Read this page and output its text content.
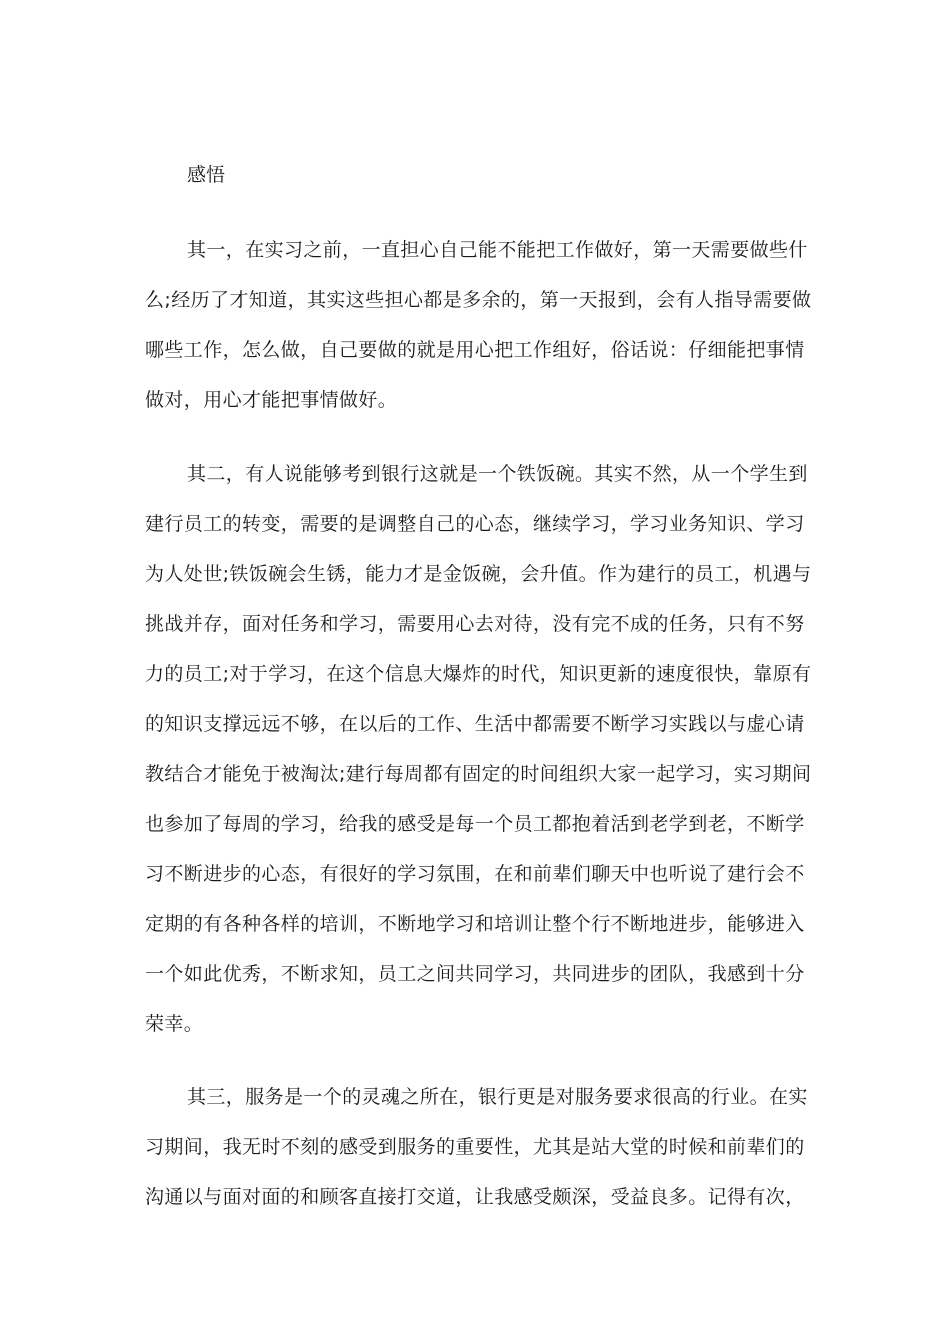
感悟
其一，在实习之前，一直担心自己能不能把工作做好，第一天需要做些什
么;经历了才知道，其实这些担心都是多余的，第一天报到，会有人指导需要做
哪些工作，怎么做，自己要做的就是用心把工作组好，俗话说：仔细能把事情
做对，用心才能把事情做好。
其二，有人说能够考到银行这就是一个铁饭碗。其实不然，从一个学生到
建行员工的转变，需要的是调整自己的心态，继续学习，学习业务知识、学习
为人处世;铁饭碗会生锈，能力才是金饭碗，会升值。作为建行的员工，机遇与
挑战并存，面对任务和学习，需要用心去对待，没有完不成的任务，只有不努
力的员工;对于学习，在这个信息大爆炸的时代，知识更新的速度很快，靠原有
的知识支撑远远不够，在以后的工作、生活中都需要不断学习实践以与虚心请
教结合才能免于被淘汰;建行每周都有固定的时间组织大家一起学习，实习期间
也参加了每周的学习，给我的感受是每一个员工都抱着活到老学到老，不断学
习不断进步的心态，有很好的学习氛围，在和前辈们聊天中也听说了建行会不
定期的有各种各样的培训，不断地学习和培训让整个行不断地进步，能够进入
一个如此优秀，不断求知，员工之间共同学习，共同进步的团队，我感到十分
荣幸。
其三，服务是一个的灵魂之所在，银行更是对服务要求很高的行业。在实
习期间，我无时不刻的感受到服务的重要性，尤其是站大堂的时候和前辈们的
沟通以与面对面的和顾客直接打交道，让我感受颇深，受益良多。记得有次，
